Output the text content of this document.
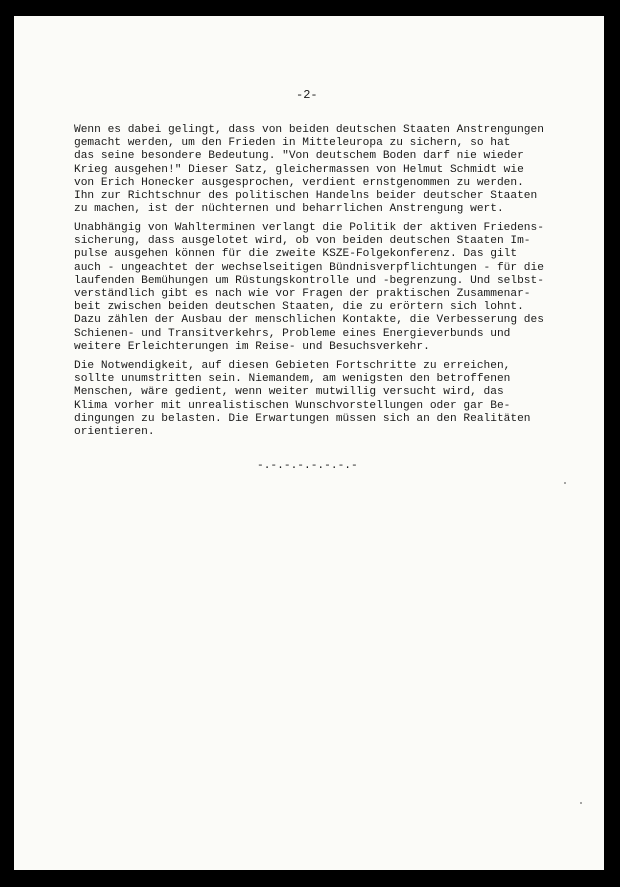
-2-

Wenn es dabei gelingt, dass von beiden deutschen Staaten Anstrengungen
gemacht werden, um den Frieden in Mitteleuropa zu sichern, so hat
das seine besondere Bedeutung. "Von deutschem Boden darf nie wieder
Krieg ausgehen!" Dieser Satz, gleichermassen von Helmut Schmidt wie
von Erich Honecker ausgesprochen, verdient ernstgenommen zu werden.
Ihn zur Richtschnur des politischen Handelns beider deutscher Staaten
zu machen, ist der nüchternen und beharrlichen Anstrengung wert.

Unabhängig von Wahlterminen verlangt die Politik der aktiven Friedens-
sicherung, dass ausgelotet wird, ob von beiden deutschen Staaten Im-
pulse ausgehen können für die zweite KSZE-Folgekonferenz. Das gilt
auch - ungeachtet der wechselseitigen Bündnisverpflichtungen - für die
laufenden Bemühungen um Rüstungskontrolle und -begrenzung. Und selbst-
verständlich gibt es nach wie vor Fragen der praktischen Zusammenar-
beit zwischen beiden deutschen Staaten, die zu erörtern sich lohnt.
Dazu zählen der Ausbau der menschlichen Kontakte, die Verbesserung des
Schienen- und Transitverkehrs, Probleme eines Energieverbunds und
weitere Erleichterungen im Reise- und Besuchsverkehr.

Die Notwendigkeit, auf diesen Gebieten Fortschritte zu erreichen,
sollte unumstritten sein. Niemandem, am wenigsten den betroffenen
Menschen, wäre gedient, wenn weiter mutwillig versucht wird, das
Klima vorher mit unrealistischen Wunschvorstellungen oder gar Be-
dingungen zu belasten. Die Erwartungen müssen sich an den Realitäten
orientieren.

-.-.-.-.-.-.-.-
